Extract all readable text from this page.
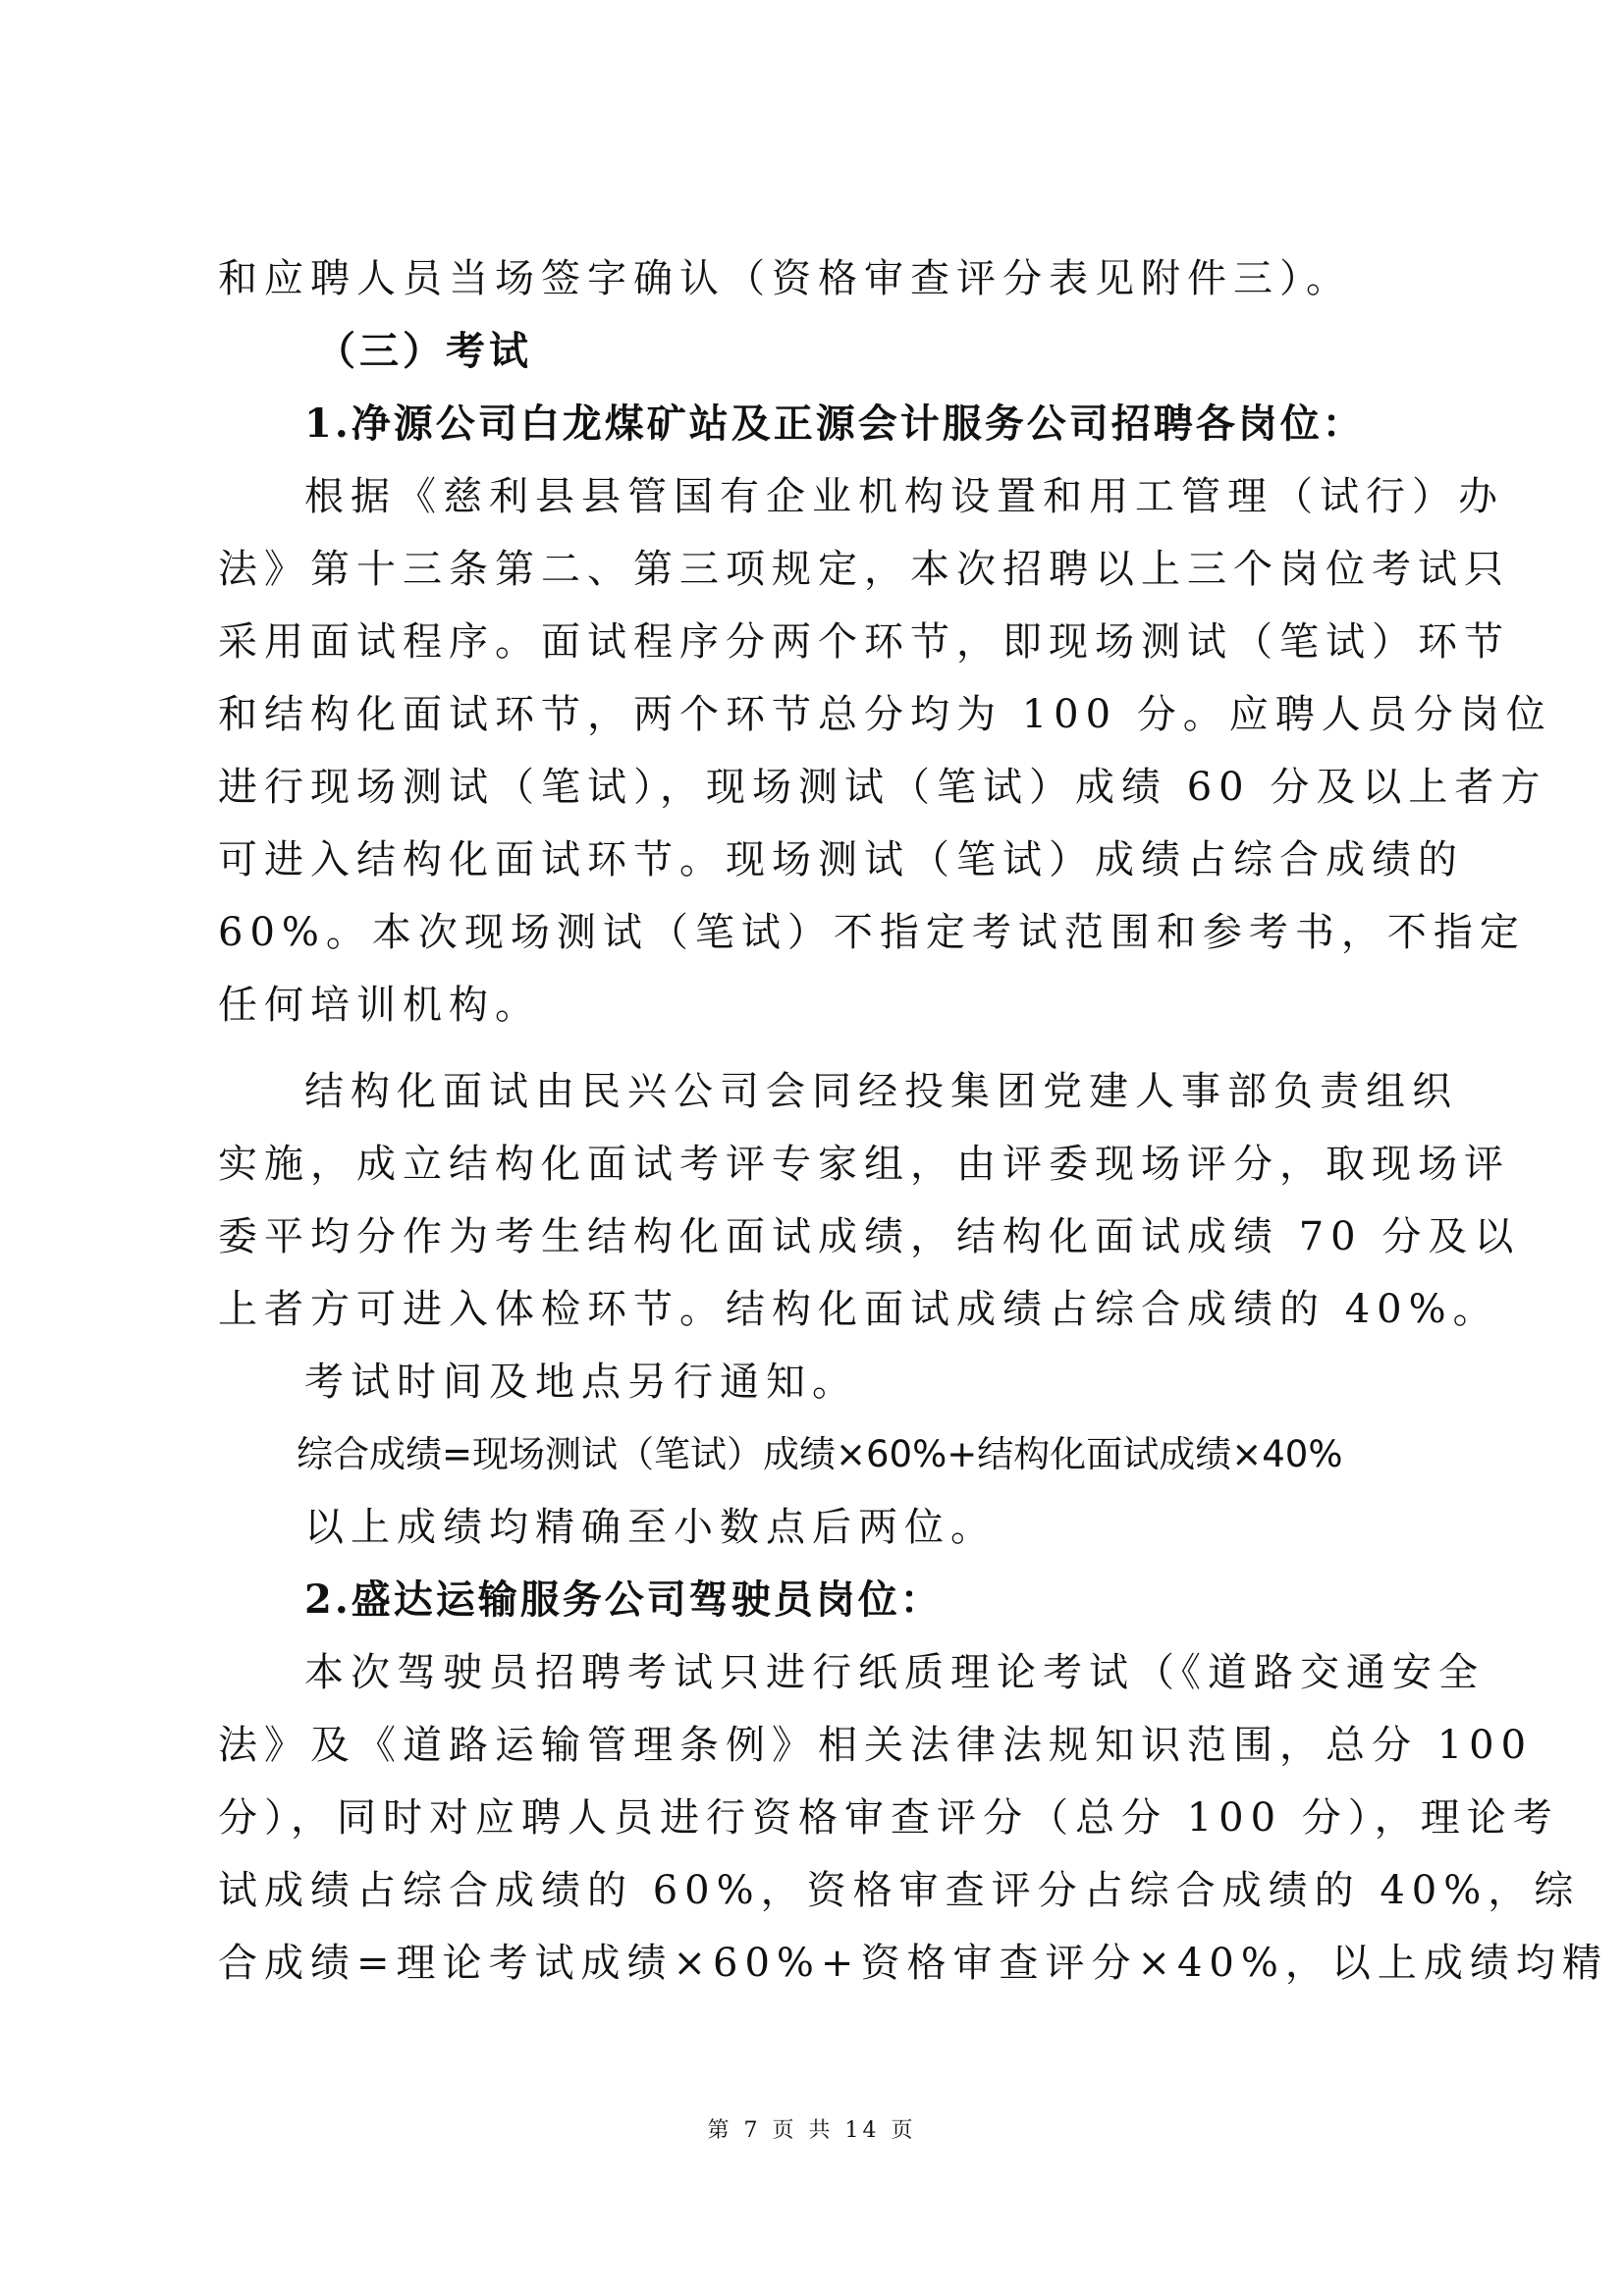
和应聘人员当场签字确认（资格审查评分表见附件三）。
（三）考试
1.净源公司白龙煤矿站及正源会计服务公司招聘各岗位：
根据《慈利县县管国有企业机构设置和用工管理（试行）办
法》第十三条第二、第三项规定，本次招聘以上三个岗位考试只
采用面试程序。面试程序分两个环节，即现场测试（笔试）环节
和结构化面试环节，两个环节总分均为 100 分。应聘人员分岗位
进行现场测试（笔试），现场测试（笔试）成绩 60 分及以上者方
可进入结构化面试环节。现场测试（笔试）成绩占综合成绩的
60%。本次现场测试（笔试）不指定考试范围和参考书，不指定
任何培训机构。
结构化面试由民兴公司会同经投集团党建人事部负责组织
实施，成立结构化面试考评专家组，由评委现场评分，取现场评
委平均分作为考生结构化面试成绩，结构化面试成绩 70 分及以
上者方可进入体检环节。结构化面试成绩占综合成绩的 40%。
考试时间及地点另行通知。
综合成绩=现场测试（笔试）成绩×60%+结构化面试成绩×40%
以上成绩均精确至小数点后两位。
2.盛达运输服务公司驾驶员岗位：
本次驾驶员招聘考试只进行纸质理论考试（《道路交通安全
法》及《道路运输管理条例》相关法律法规知识范围，总分 100
分），同时对应聘人员进行资格审查评分（总分 100 分），理论考
试成绩占综合成绩的 60%，资格审查评分占综合成绩的 40%，综
合成绩=理论考试成绩×60%+资格审查评分×40%，以上成绩均精
第 7 页 共 14 页
